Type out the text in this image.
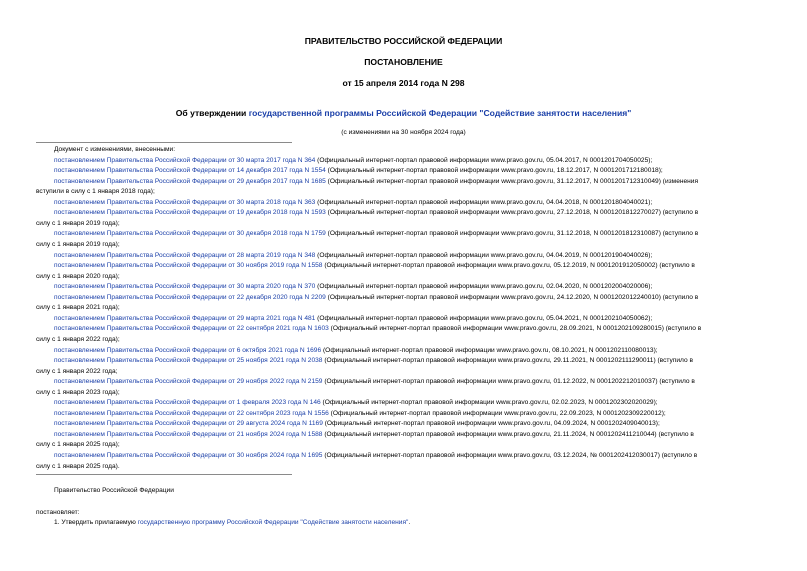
ПРАВИТЕЛЬСТВО РОССИЙСКОЙ ФЕДЕРАЦИИ
ПОСТАНОВЛЕНИЕ
от 15 апреля 2014 года N 298
Об утверждении государственной программы Российской Федерации "Содействие занятости населения"
(с изменениями на 30 ноября 2024 года)
Документ с изменениями, внесенными:
постановлением Правительства Российской Федерации от 30 марта 2017 года N 364 (Официальный интернет-портал правовой информации www.pravo.gov.ru, 05.04.2017, N 0001201704050025);
постановлением Правительства Российской Федерации от 14 декабря 2017 года N 1554 (Официальный интернет-портал правовой информации www.pravo.gov.ru, 18.12.2017, N 0001201712180018);
постановлением Правительства Российской Федерации от 29 декабря 2017 года N 1685 (Официальный интернет-портал правовой информации www.pravo.gov.ru, 31.12.2017, N 0001201712310049) (изменения
вступили в силу с 1 января 2018 года);
постановлением Правительства Российской Федерации от 30 марта 2018 года N 363 (Официальный интернет-портал правовой информации www.pravo.gov.ru, 04.04.2018, N 0001201804040021);
постановлением Правительства Российской Федерации от 19 декабря 2018 года N 1593 (Официальный интернет-портал правовой информации www.pravo.gov.ru, 27.12.2018, N 0001201812270027) (вступило в
силу с 1 января 2019 года);
постановлением Правительства Российской Федерации от 30 декабря 2018 года N 1759 (Официальный интернет-портал правовой информации www.pravo.gov.ru, 31.12.2018, N 0001201812310087) (вступило в
силу с 1 января 2019 года);
постановлением Правительства Российской Федерации от 28 марта 2019 года N 348 (Официальный интернет-портал правовой информации www.pravo.gov.ru, 04.04.2019, N 0001201904040026);
постановлением Правительства Российской Федерации от 30 ноября 2019 года N 1558 (Официальный интернет-портал правовой информации www.pravo.gov.ru, 05.12.2019, N 0001201912050002) (вступило в
силу с 1 января 2020 года);
постановлением Правительства Российской Федерации от 30 марта 2020 года N 370 (Официальный интернет-портал правовой информации www.pravo.gov.ru, 02.04.2020, N 0001202004020006);
постановлением Правительства Российской Федерации от 22 декабря 2020 года N 2209 (Официальный интернет-портал правовой информации www.pravo.gov.ru, 24.12.2020, N 0001202012240010) (вступило в
силу с 1 января 2021 года);
постановлением Правительства Российской Федерации от 29 марта 2021 года N 481 (Официальный интернет-портал правовой информации www.pravo.gov.ru, 05.04.2021, N 0001202104050062);
постановлением Правительства Российской Федерации от 22 сентября 2021 года N 1603 (Официальный интернет-портал правовой информации www.pravo.gov.ru, 28.09.2021, N 0001202109280015) (вступило в
силу с 1 января 2022 года);
постановлением Правительства Российской Федерации от 6 октября 2021 года N 1696 (Официальный интернет-портал правовой информации www.pravo.gov.ru, 08.10.2021, N 0001202110080013);
постановлением Правительства Российской Федерации от 25 ноября 2021 года N 2038 (Официальный интернет-портал правовой информации www.pravo.gov.ru, 29.11.2021, N 0001202111290011) (вступило в
силу с 1 января 2022 года;
постановлением Правительства Российской Федерации от 29 ноября 2022 года N 2159 (Официальный интернет-портал правовой информации www.pravo.gov.ru, 01.12.2022, N 0001202212010037) (вступило в
силу с 1 января 2023 года);
постановлением Правительства Российской Федерации от 1 февраля 2023 года N 146 (Официальный интернет-портал правовой информации www.pravo.gov.ru, 02.02.2023, N 0001202302020029);
постановлением Правительства Российской Федерации от 22 сентября 2023 года N 1556 (Официальный интернет-портал правовой информации www.pravo.gov.ru, 22.09.2023, N 0001202309220012);
постановлением Правительства Российской Федерации от 29 августа 2024 года N 1169 (Официальный интернет-портал правовой информации www.pravo.gov.ru, 04.09.2024, N 0001202409040013);
постановлением Правительства Российской Федерации от 21 ноября 2024 года N 1588 (Официальный интернет-портал правовой информации www.pravo.gov.ru, 21.11.2024, N 0001202411210044) (вступило в
силу с 1 января 2025 года);
постановлением Правительства Российской Федерации от 30 ноября 2024 года N 1695 (Официальный интернет-портал правовой информации www.pravo.gov.ru, 03.12.2024, № 0001202412030017) (вступило в
силу с 1 января 2025 года).
Правительство Российской Федерации
постановляет:
1. Утвердить прилагаемую государственную программу Российской Федерации "Содействие занятости населения".
